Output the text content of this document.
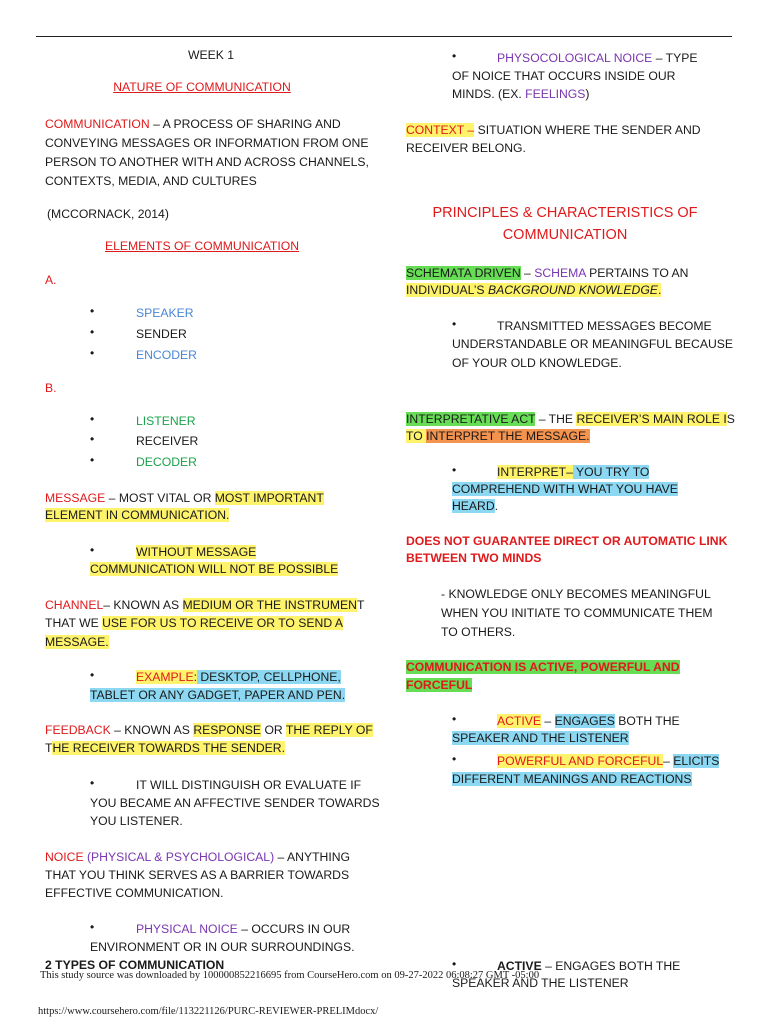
WEEK 1

NATURE OF COMMUNICATION

COMMUNICATION – A PROCESS OF SHARING AND

CONVEYING MESSAGES OR INFORMATION FROM ONE

PERSON TO ANOTHER WITH AND ACROSS CHANNELS,

CONTEXTS, MEDIA, AND CULTURES

(MCCORNACK, 2014)

ELEMENTS OF COMMUNICATION

A.

•	SPEAKER

•	SENDER

•	ENCODER

B.

•	LISTENER

•	RECEIVER

•	DECODER

MESSAGE – MOST VITAL OR MOST IMPORTANT

ELEMENT IN COMMUNICATION.

•	WITHOUT MESSAGE

COMMUNICATION WILL NOT BE POSSIBLE

CHANNEL– KNOWN AS MEDIUM OR THE INSTRUMENT

THAT WE USE FOR US TO RECEIVE OR TO SEND A

MESSAGE.

•	EXAMPLE: DESKTOP, CELLPHONE,

TABLET OR ANY GADGET, PAPER AND PEN.

FEEDBACK – KNOWN AS RESPONSE OR THE REPLY OF

THE RECEIVER TOWARDS THE SENDER.

•	IT WILL DISTINGUISH OR EVALUATE IF

YOU BECAME AN AFFECTIVE SENDER TOWARDS

YOU LISTENER.

NOICE (PHYSICAL & PSYCHOLOGICAL) – ANYTHING

THAT YOU THINK SERVES AS A BARRIER TOWARDS

EFFECTIVE COMMUNICATION.

•	PHYSICAL NOICE – OCCURS IN OUR

ENVIRONMENT OR IN OUR SURROUNDINGS.

2 TYPES OF COMMUNICATION

•	PHYSOCOLOGICAL NOICE – TYPE

OF NOICE THAT OCCURS INSIDE OUR

MINDS. (EX. FEELINGS)

CONTEXT – SITUATION WHERE THE SENDER AND

RECEIVER BELONG.

PRINCIPLES & CHARACTERISTICS OF

COMMUNICATION

SCHEMATA DRIVEN – SCHEMA PERTAINS TO AN

INDIVIDUAL’S BACKGROUND KNOWLEDGE.

•	TRANSMITTED MESSAGES BECOME

UNDERSTANDABLE OR MEANINGFUL BECAUSE

OF YOUR OLD KNOWLEDGE.

INTERPRETATIVE ACT – THE RECEIVER’S MAIN ROLE IS

TO INTERPRET THE MESSAGE.

•	INTERPRET– YOU TRY TO

COMPREHEND WITH WHAT YOU HAVE

HEARD.

DOES NOT GUARANTEE DIRECT OR AUTOMATIC LINK

BETWEEN TWO MINDS

- KNOWLEDGE ONLY BECOMES MEANINGFUL

WHEN YOU INITIATE TO COMMUNICATE THEM

TO OTHERS.

COMMUNICATION IS ACTIVE, POWERFUL AND

FORCEFUL

•	ACTIVE – ENGAGES BOTH THE

SPEAKER AND THE LISTENER

•	POWERFUL AND FORCEFUL– ELICITS

DIFFERENT MEANINGS AND REACTIONS

•	ACTIVE – ENGAGES BOTH THE

SPEAKER AND THE LISTENER

This study source was downloaded by 100000852216695 from CourseHero.com on 09-27-2022 06:08:27 GMT -05:00
https://www.coursehero.com/file/113221126/PURC-REVIEWER-PRELIMdocx/
